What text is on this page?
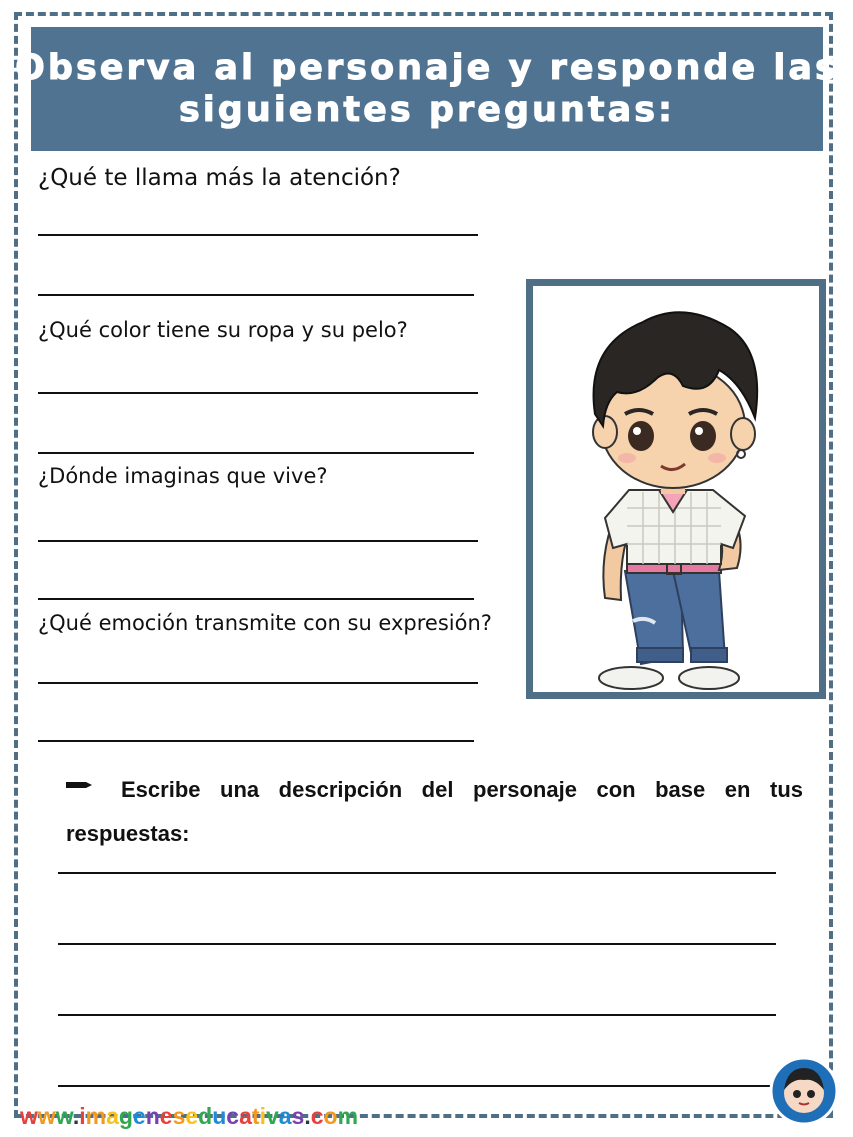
Observa al personaje y responde las
siguientes preguntas:
¿Qué te llama más la atención?
¿Qué color tiene su ropa y su pelo?
¿Dónde imaginas que vive?
¿Qué emoción transmite con su expresión?
Escribe una descripción del personaje con base en tus respuestas:
www.imageneseducativas.com
